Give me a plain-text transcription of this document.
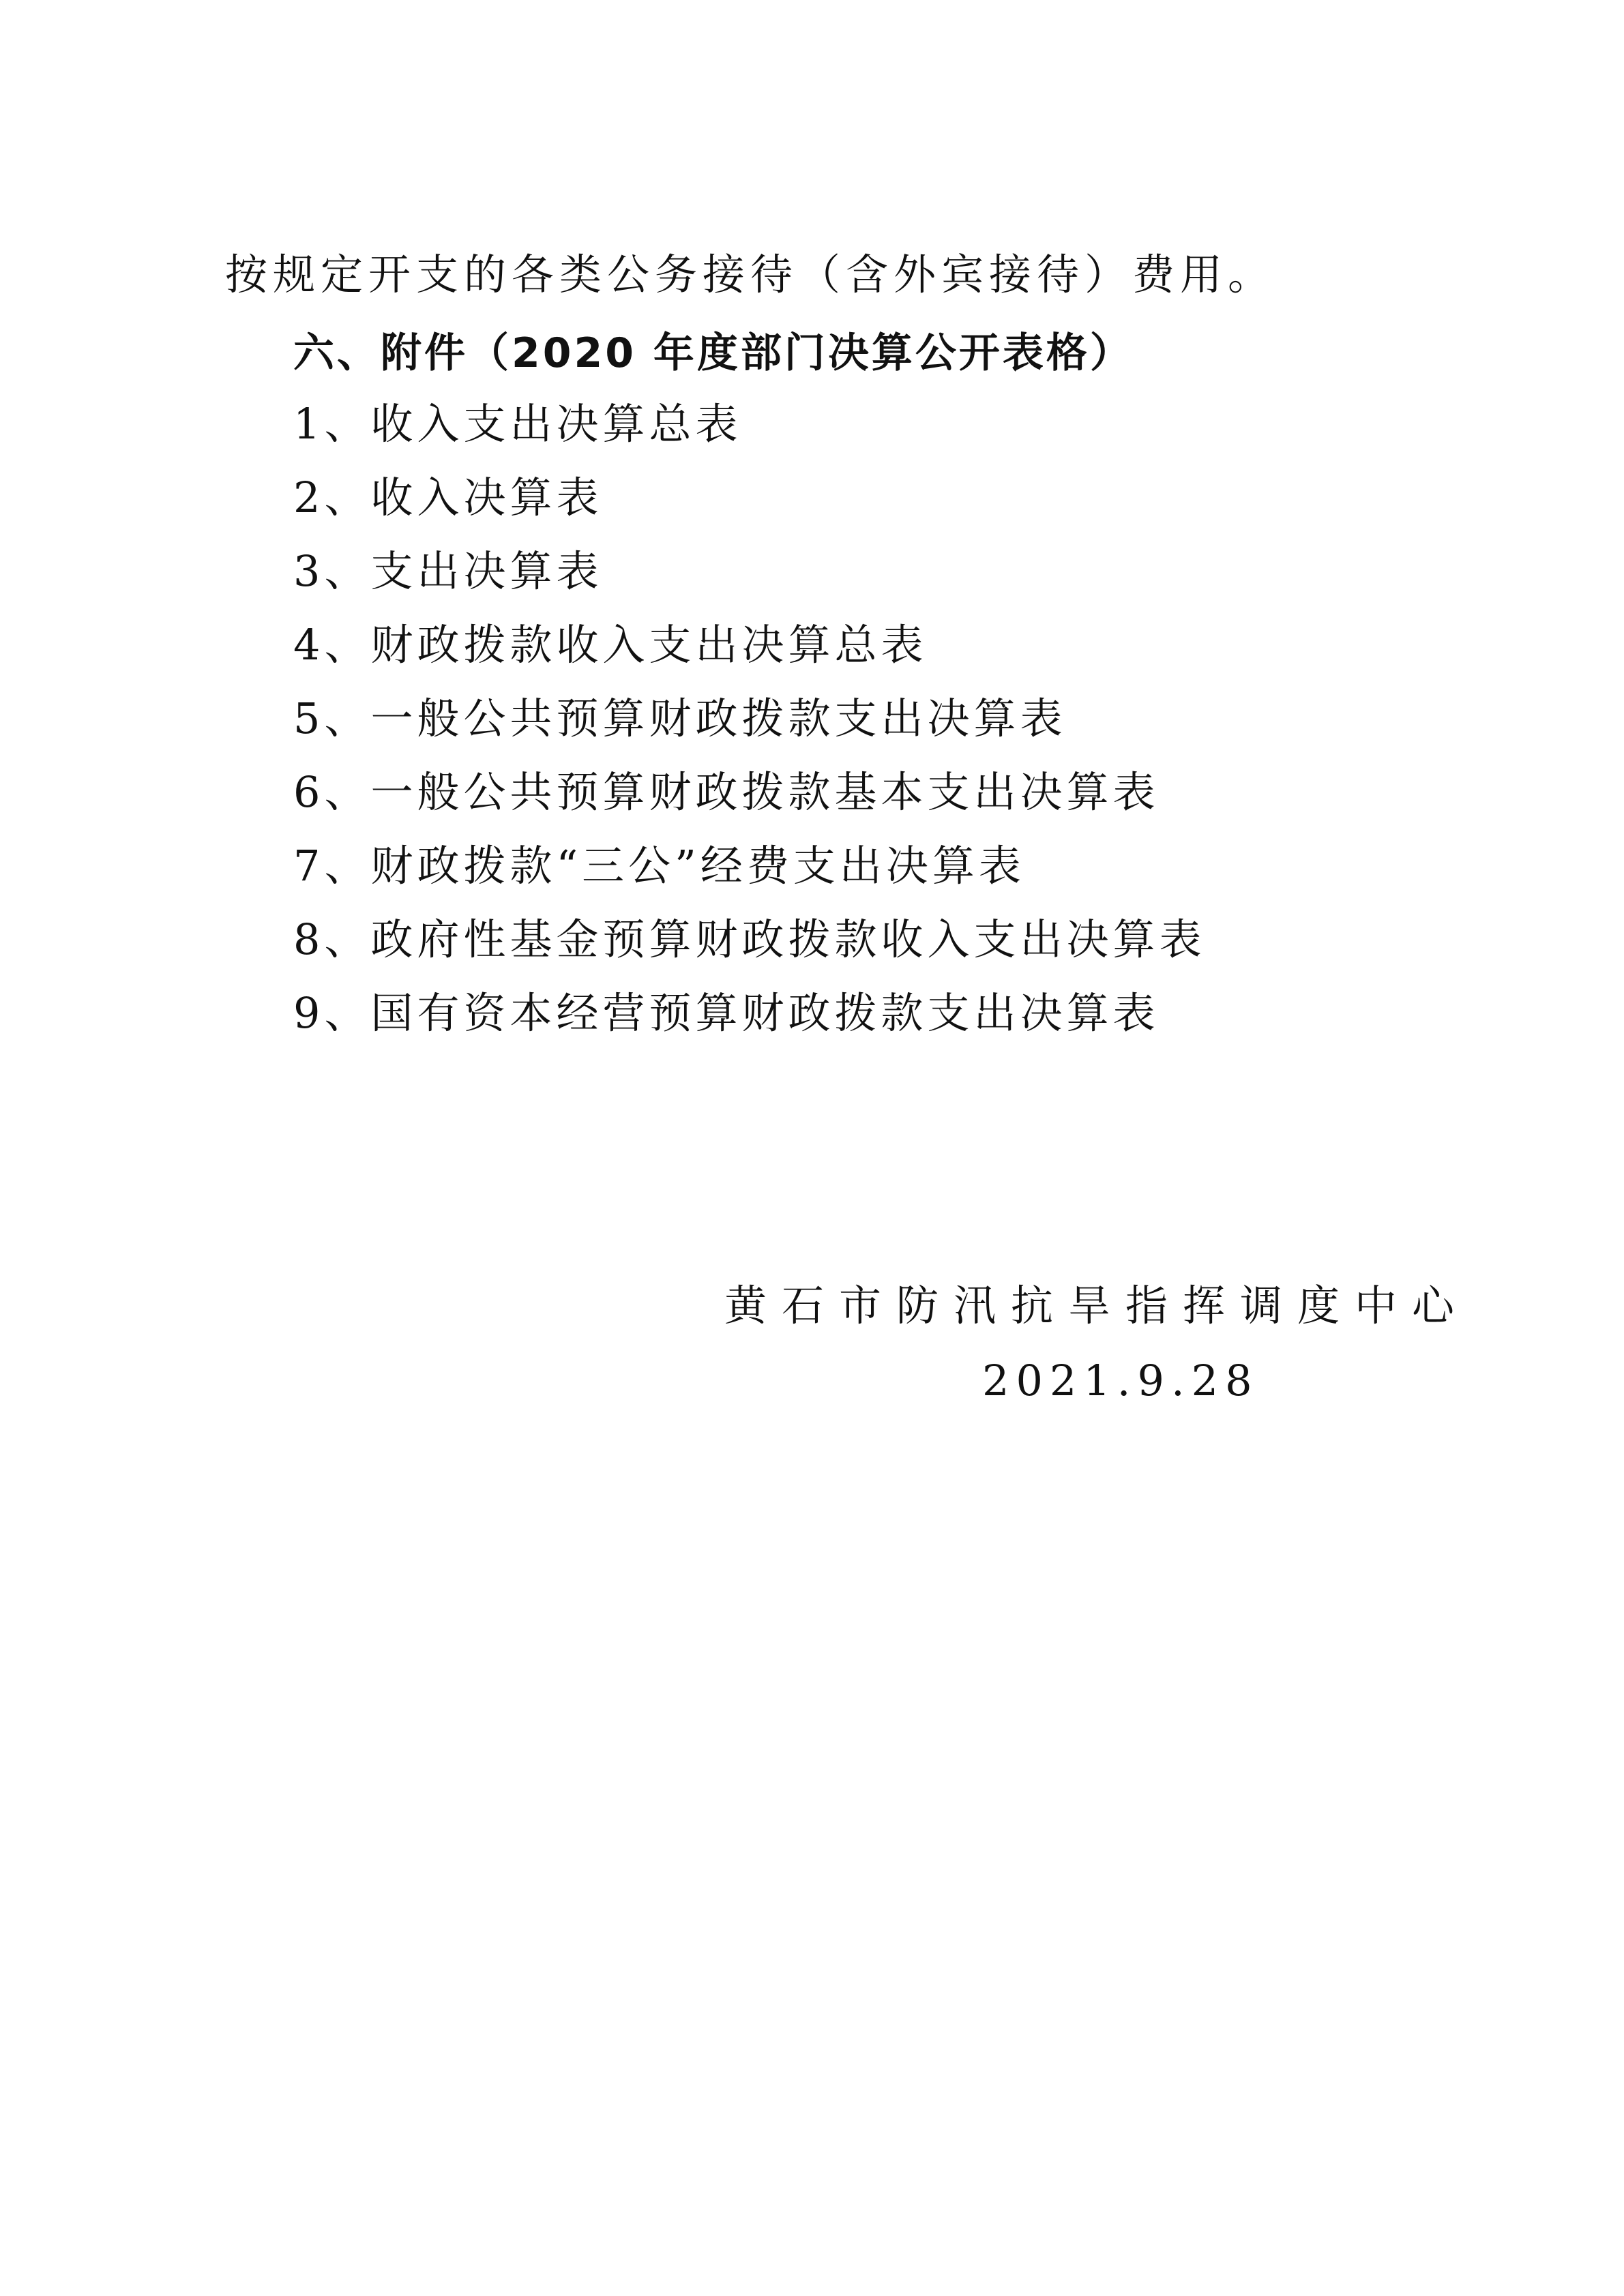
按规定开支的各类公务接待（含外宾接待）费用。
六、附件（2020 年度部门决算公开表格）
1、收入支出决算总表
2、收入决算表
3、支出决算表
4、财政拨款收入支出决算总表
5、一般公共预算财政拨款支出决算表
6、一般公共预算财政拨款基本支出决算表
7、财政拨款“三公”经费支出决算表
8、政府性基金预算财政拨款收入支出决算表
9、国有资本经营预算财政拨款支出决算表
黄石市防汛抗旱指挥调度中心
2021.9.28
